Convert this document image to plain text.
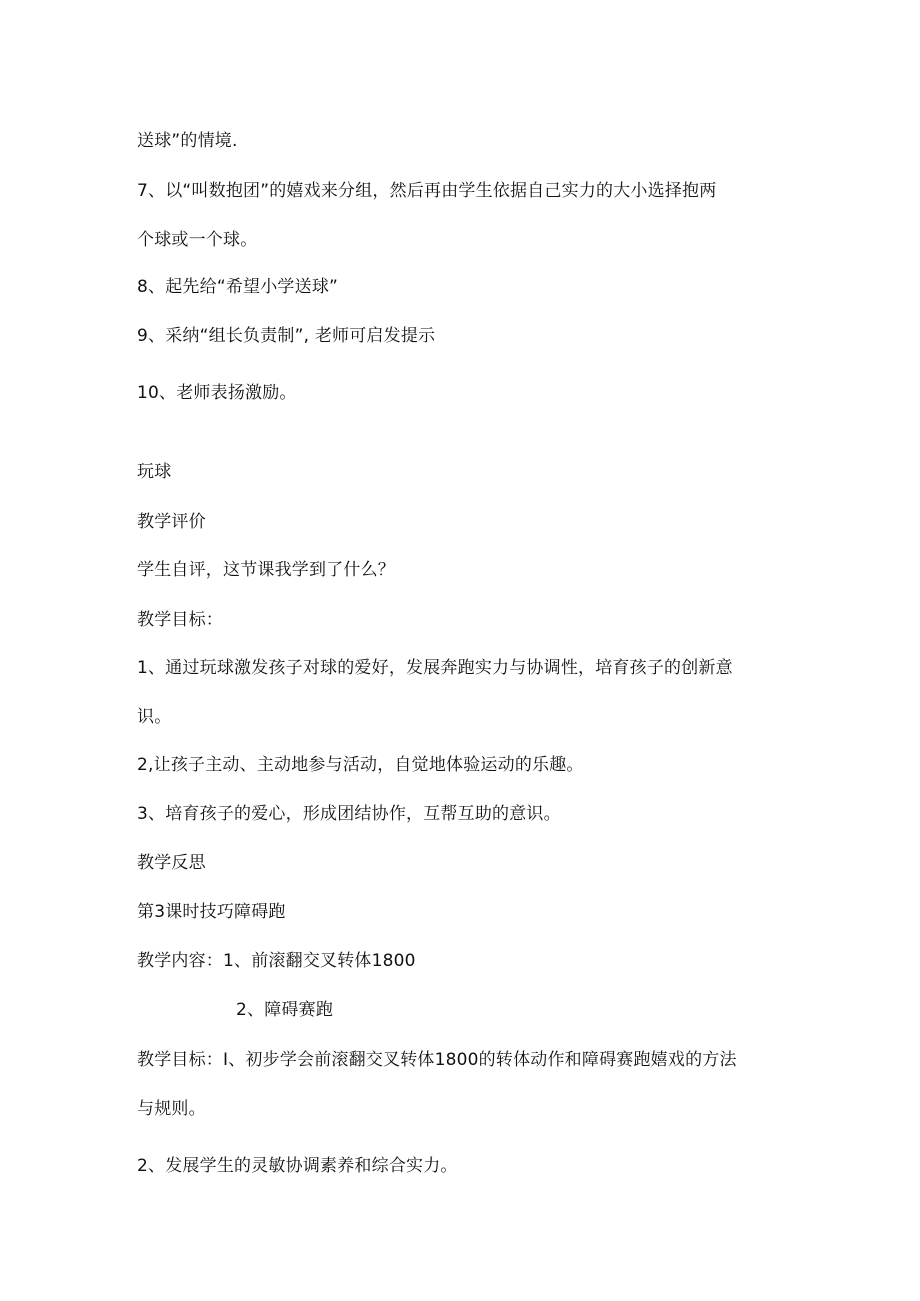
送球”的情境.
7、以“叫数抱团”的嬉戏来分组，然后再由学生依据自己实力的大小选择抱两
个球或一个球。
8、起先给“希望小学送球”
9、采纳“组长负责制”, 老师可启发提示
10、老师表扬激励。
玩球
教学评价
学生自评，这节课我学到了什么？
教学目标：
1、通过玩球激发孩子对球的爱好，发展奔跑实力与协调性，培育孩子的创新意
识。
2,让孩子主动、主动地参与活动，自觉地体验运动的乐趣。
3、培育孩子的爱心，形成团结协作，互帮互助的意识。
教学反思
第3课时技巧障碍跑
教学内容：1、前滚翻交叉转体1800
2、障碍赛跑
教学目标：I、初步学会前滚翻交叉转体1800的转体动作和障碍赛跑嬉戏的方法
与规则。
2、发展学生的灵敏协调素养和综合实力。
